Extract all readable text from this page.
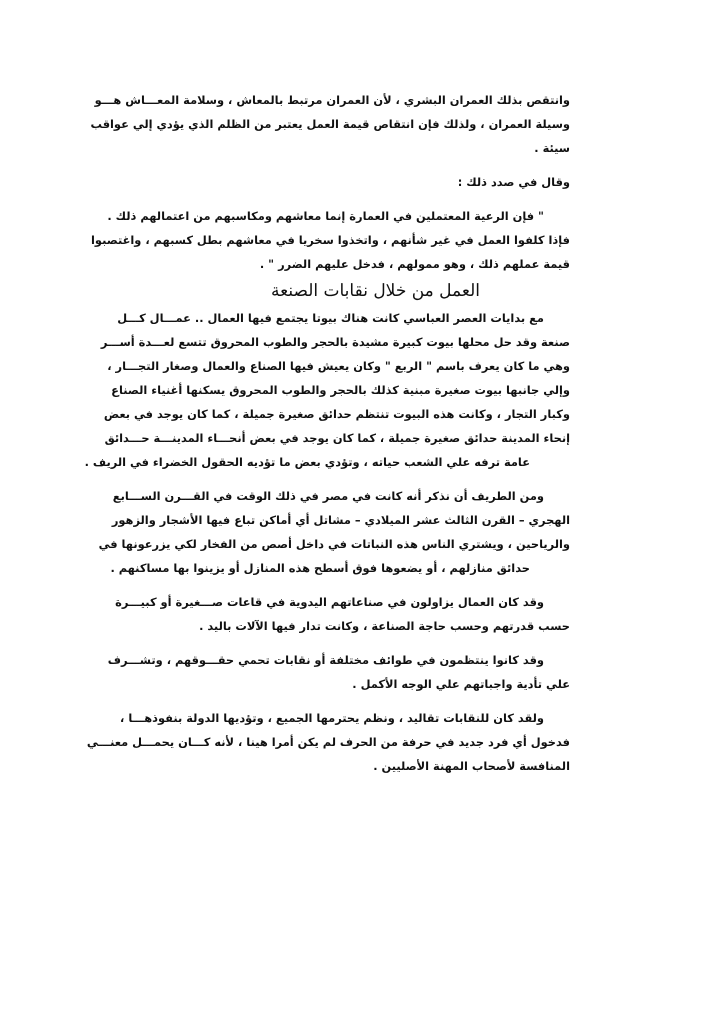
وانتقص بذلك العمران البشري ، لأن العمران مرتبط بالمعاش ، وسلامة المعـــاش هـــو
وسيلة العمران ، ولذلك فإن انتقاص قيمة العمل يعتبر من الظلم الذي يؤدي إلي عواقب
سيئة .
وقال في صدد ذلك :
" فإن الرعية المعتملين في العمارة إنما معاشهم ومكاسبهم من اعتمالهم ذلك .
فإذا كلفوا العمل في غير شأنهم ، واتخذوا سخريا في معاشهم بطل كسبهم ، واغتصبوا
قيمة عملهم ذلك ، وهو ممولهم ، فدخل عليهم الضرر " .
العمل من خلال نقابات الصنعة
مع بدايات العصر العباسي كانت هناك بيوتا يجتمع فيها العمال .. عمـــال كـــل
صنعة وقد حل محلها بيوت كبيرة مشيدة بالحجر والطوب المحروق تتسع لعـــدة أســـر
وهي ما كان يعرف باسم " الربع " وكان يعيش فيها الصناع والعمال وصغار التجـــار ،
وإلي جانبها بيوت صغيرة مبنية كذلك بالحجر والطوب المحروق يسكنها أغنياء الصناع
وكبار التجار ، وكانت هذه البيوت تنتظم حدائق صغيرة جميلة ، كما كان يوجد في بعض
إنحاء المدينة حدائق صغيرة جميلة ، كما كان يوجد في بعض أنحـــاء المدينـــة حـــدائق
عامة ترفه علي الشعب حياته ، وتؤدي بعض ما تؤديه الحقول الخضراء في الريف .
ومن الطريف أن نذكر أنه كانت في مصر في ذلك الوقت في القـــرن الســـابع
الهجري – القرن الثالث عشر الميلادي – مشاتل أي أماكن تباع فيها الأشجار والزهور
والرياحين ، ويشتري الناس هذه النباتات في داخل أصص من الفخار لكي يزرعونها في
حدائق منازلهم ، أو يضعوها فوق أسطح هذه المنازل أو يزينوا بها مساكنهم .
وقد كان العمال يزاولون في صناعاتهم اليدوية في قاعات صـــغيرة أو كبيـــرة
حسب قدرتهم وحسب حاجة الصناعة ، وكانت تدار فيها الآلات باليد .
وقد كانوا ينتظمون في طوائف مختلفة أو نقابات تحمي حقـــوقهم ، وتشـــرف
علي تأدية واجباتهم علي الوجه الأكمل .
ولقد كان للنقابات تقاليد ، ونظم يحترمها الجميع ، وتؤديها الدولة بنفوذهـــا ،
فدخول أي فرد جديد في حرفة من الحرف لم يكن أمرا هينا ، لأنه كـــان يحمـــل معنـــي
المنافسة لأصحاب المهنة الأصليين .
